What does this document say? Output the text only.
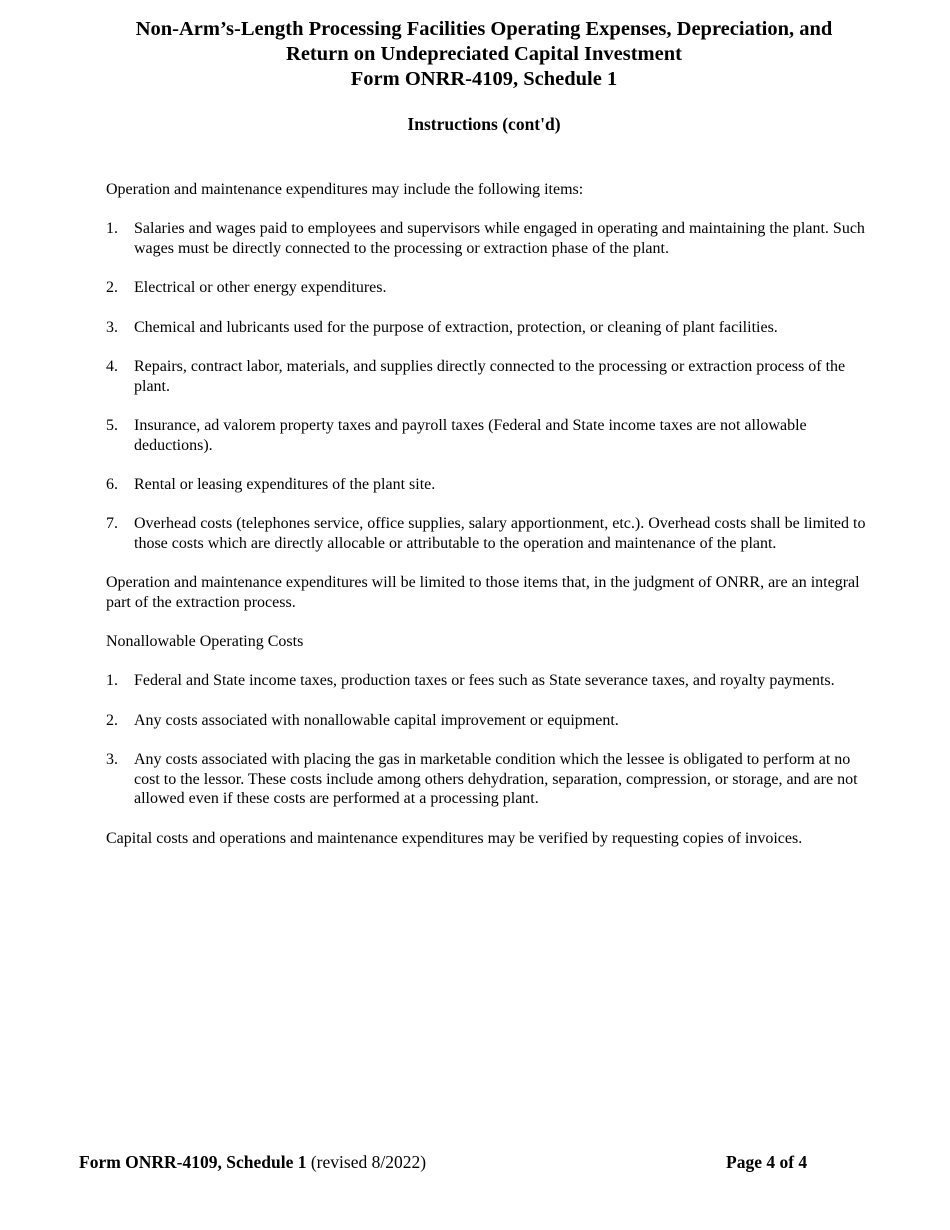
Non-Arm’s-Length Processing Facilities Operating Expenses, Depreciation, and
Return on Undepreciated Capital Investment
Form ONRR-4109, Schedule 1
Instructions (cont'd)

Operation and maintenance expenditures may include the following items:

1.	Salaries and wages paid to employees and supervisors while engaged in operating and maintaining the plant. Such wages must be directly connected to the processing or extraction phase of the plant.
2.	Electrical or other energy expenditures.
3.	Chemical and lubricants used for the purpose of extraction, protection, or cleaning of plant facilities.
4.	Repairs, contract labor, materials, and supplies directly connected to the processing or extraction process of the plant.
5.	Insurance, ad valorem property taxes and payroll taxes (Federal and State income taxes are not allowable deductions).
6.	Rental or leasing expenditures of the plant site.
7.	Overhead costs (telephones service, office supplies, salary apportionment, etc.). Overhead costs shall be limited to those costs which are directly allocable or attributable to the operation and maintenance of the plant.

Operation and maintenance expenditures will be limited to those items that, in the judgment of ONRR, are an integral part of the extraction process.

Nonallowable Operating Costs

1.	Federal and State income taxes, production taxes or fees such as State severance taxes, and royalty payments.
2.	Any costs associated with nonallowable capital improvement or equipment.
3.	Any costs associated with placing the gas in marketable condition which the lessee is obligated to perform at no cost to the lessor. These costs include among others dehydration, separation, compression, or storage, and are not allowed even if these costs are performed at a processing plant.

Capital costs and operations and maintenance expenditures may be verified by requesting copies of invoices.

Form ONRR-4109, Schedule 1 (revised 8/2022)	Page 4 of 4
